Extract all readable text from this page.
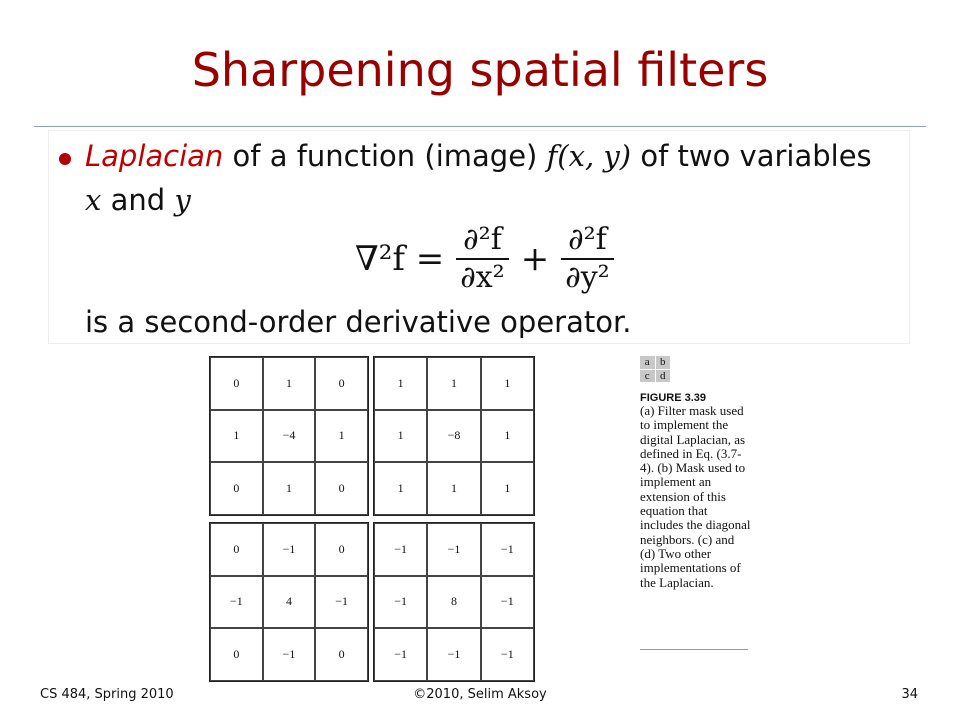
Sharpening spatial filters
Laplacian of a function (image) f(x, y) of two variables
x and y
$\nabla^2f = \frac{\text{∂²f}}{\text{∂x²}} + \frac{\text{∂²f}}{\text{∂y²}}$
is a second-order derivative operator.
0	1	0
1	−4	1
0	1	0
1	1	1
1	−8	1
1	1	1
0	−1	0
−1	4	−1
0	−1	0
−1	−1	−1
−1	8	−1
−1	−1	−1
a b
c d
FIGURE 3.39
(a) Filter mask used to implement the digital Laplacian, as defined in Eq. (3.7-4). (b) Mask used to implement an extension of this equation that includes the diagonal neighbors. (c) and (d) Two other implementations of the Laplacian.
CS 484, Spring 2010	©2010, Selim Aksoy	34
